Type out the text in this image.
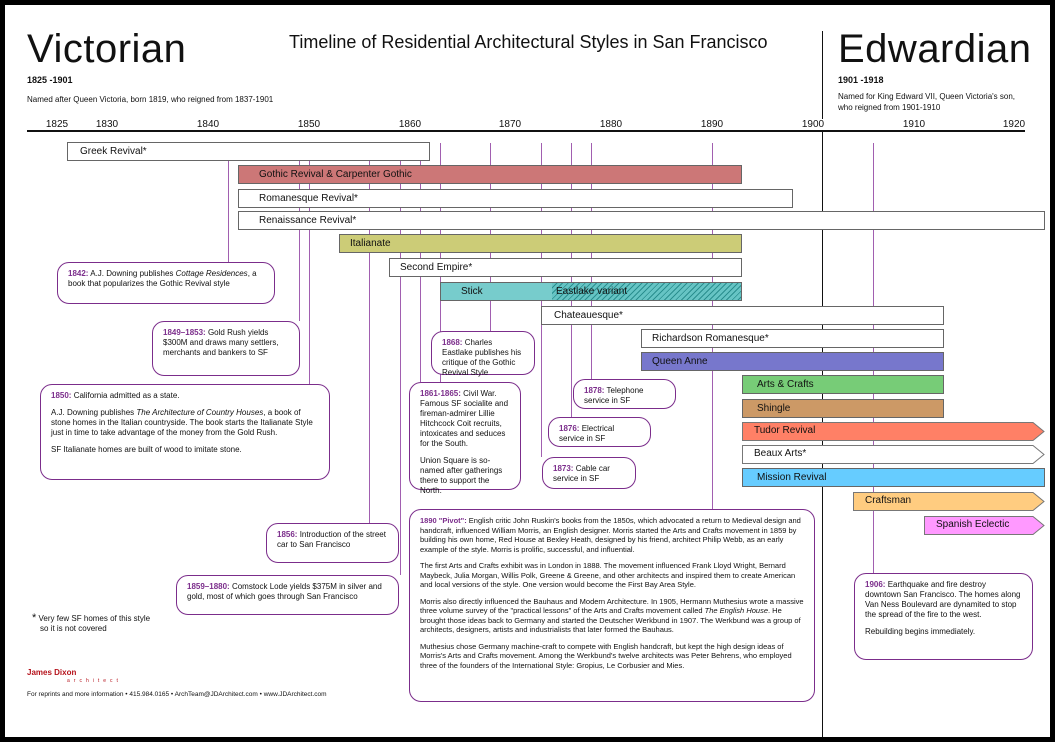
Victorian	Edwardian
Timeline of Residential Architectural Styles in San Francisco
1825 -1901
Named after Queen Victoria, born 1819, who reigned from 1837-1901
1901 -1918
Named for King Edward VII, Queen Victoria's son,
who reigned from 1901-1910
1825	1830	1840	1850	1860	1870	1880	1890	1900	1910	1920
Greek Revival*
Gothic Revival & Carpenter Gothic
Romanesque Revival*
Renaissance Revival*
Italianate
Second Empire*
Stick	Eastlake variant
Chateauesque*
Richardson Romanesque*
Queen Anne
Arts & Crafts
Shingle
Tudor Revival
Beaux Arts*
Mission Revival
Craftsman
Spanish Eclectic
1842: A.J. Downing publishes Cottage Residences, a book that popularizes the Gothic Revival style
1849–1853: Gold Rush yields $300M and draws many settlers, merchants and bankers to SF

1850: California admitted as a state.

A.J. Downing publishes The Architecture of Country Houses, a book of stone homes in the Italian countryside. The book starts the Italianate Style just in time to take advantage of the money from the Gold Rush.

SF Italianate homes are built of wood to imitate stone.

1856: Introduction of the street car to San Francisco
1859–1880: Comstock Lode yields $375M in silver and gold, most of which goes through San Francisco

1861-1865: Civil War. Famous SF socialite and fireman-admirer Lillie Hitchcock Coit recruits, intoxicates and seduces for the South.

Union Square is so-named after gatherings there to support the North.

1868: Charles Eastlake publishes his critique of the Gothic Revival Style
1873: Cable car service in SF
1876: Electrical service in SF
1878: Telephone service in SF

1890 "Pivot": English critic John Ruskin's books from the 1850s, which advocated a return to Medieval design and handcraft, influenced William Morris, an English designer. Morris started the Arts and Crafts movement in 1859 by building his own home, Red House at Bexley Heath, designed by his friend, architect Philip Webb, as an early example of the style. Morris is prolific, successful, and influential.

The first Arts and Crafts exhibit was in London in 1888. The movement influenced Frank Lloyd Wright, Bernard Maybeck, Julia Morgan, Willis Polk, Greene & Greene, and other architects and inspired them to create American and local versions of the style. One version would become the First Bay Area Style.

Morris also directly influenced the Bauhaus and Modern Architecture. In 1905, Hermann Muthesius wrote a massive three volume survey of the "practical lessons" of the Arts and Crafts movement called The English House. He brought those ideas back to Germany and started the Deutscher Werkbund in 1907. The Werkbund was a group of architects, designers, artists and industrialists that later formed the Bauhaus.

Muthesius chose Germany machine-craft to compete with English handcraft, but kept the high design ideas of Morris's Arts and Crafts movement. Among the Werkbund's twelve architects was Peter Behrens, who employed three of the founders of the International Style: Gropius, Le Corbusier and Mies.

1906: Earthquake and fire destroy downtown San Francisco. The homes along Van Ness Boulevard are dynamited to stop the spread of the fire to the west.

Rebuilding begins immediately.

* Very few SF homes of this style
so it is not covered
James Dixon
architect
For reprints and more information • 415.984.0165 • ArchTeam@JDArchitect.com • www.JDArchitect.com
